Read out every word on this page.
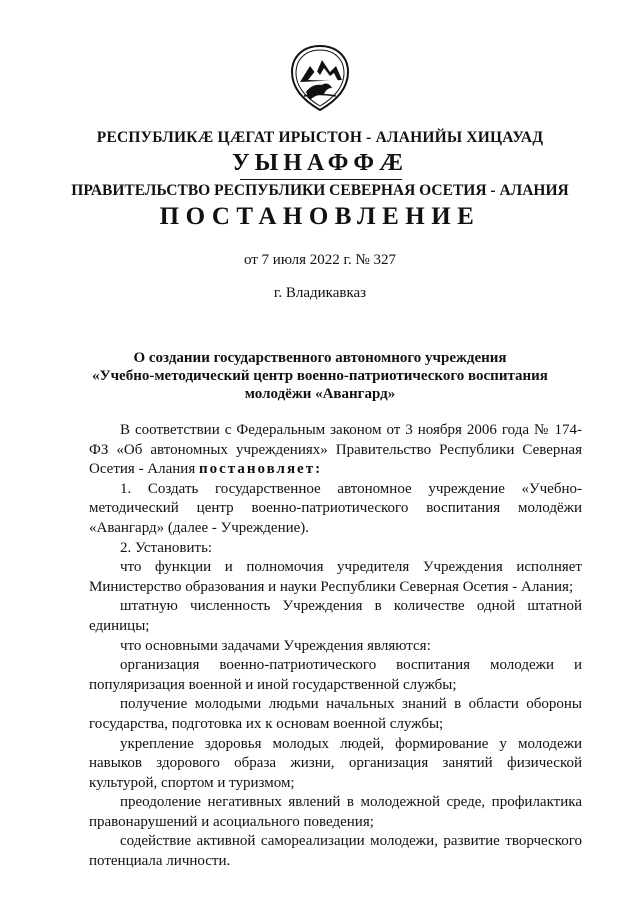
РЕСПУБЛИКÆ ЦÆГАТ ИРЫСТОН - АЛАНИЙЫ ХИЦАУАД
УЫНАФФÆ
ПРАВИТЕЛЬСТВО РЕСПУБЛИКИ СЕВЕРНАЯ ОСЕТИЯ - АЛАНИЯ
ПОСТАНОВЛЕНИЕ
от 7 июля 2022 г. № 327
г. Владикавказ
О создании государственного автономного учреждения
«Учебно-методический центр военно-патриотического воспитания
молодёжи «Авангард»

В соответствии с Федеральным законом от 3 ноября 2006 года № 174-ФЗ «Об автономных учреждениях» Правительство Республики Северная Осетия - Алания постановляет:

1. Создать государственное автономное учреждение «Учебно-методический центр военно-патриотического воспитания молодёжи «Авангард» (далее - Учреждение).

2. Установить:

что функции и полномочия учредителя Учреждения исполняет Министерство образования и науки Республики Северная Осетия - Алания;

штатную численность Учреждения в количестве одной штатной единицы;

что основными задачами Учреждения являются:

организация военно-патриотического воспитания молодежи и популяризация военной и иной государственной службы;

получение молодыми людьми начальных знаний в области обороны государства, подготовка их к основам военной службы;

укрепление здоровья молодых людей, формирование у молодежи навыков здорового образа жизни, организация занятий физической культурой, спортом и туризмом;

преодоление негативных явлений в молодежной среде, профилактика правонарушений и асоциального поведения;

содействие активной самореализации молодежи, развитие творческого потенциала личности.
